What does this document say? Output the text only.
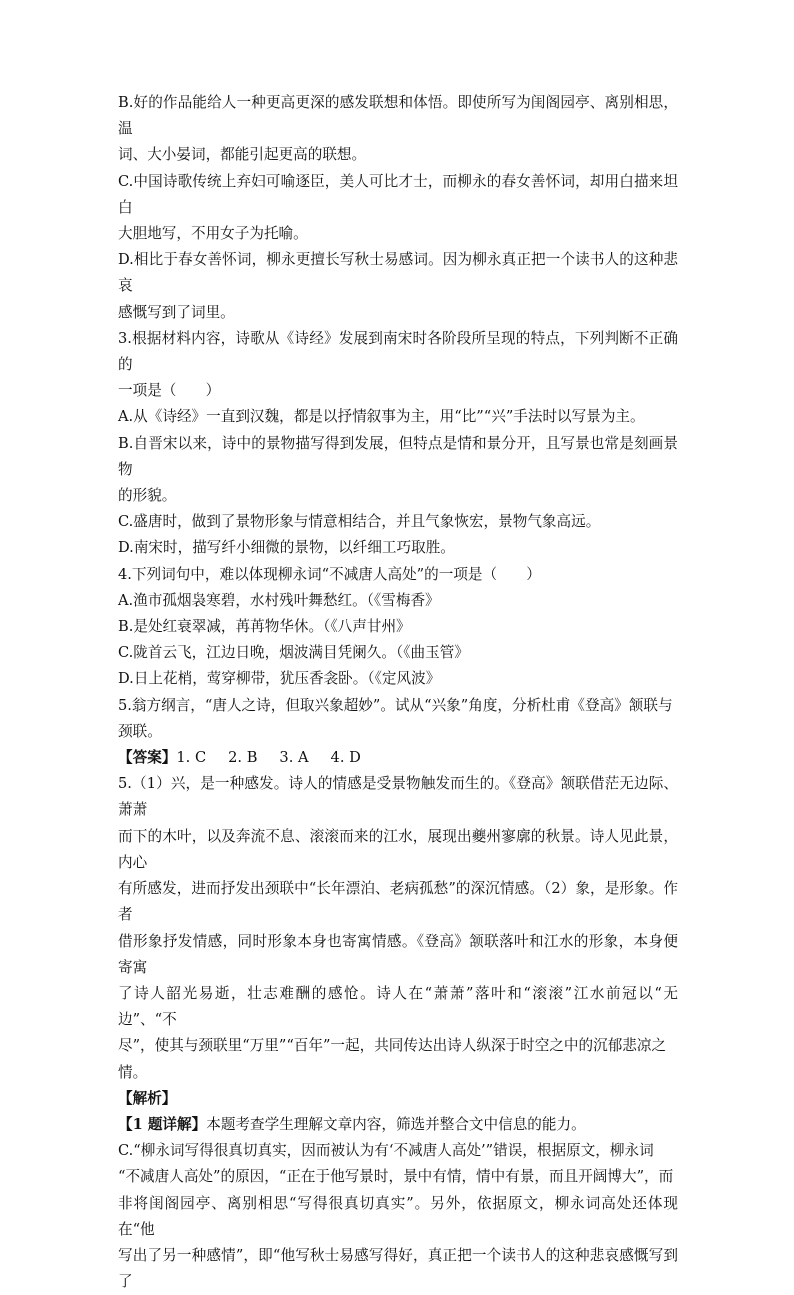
B.好的作品能给人一种更高更深的感发联想和体悟。即使所写为闺阁园亭、离别相思，温

词、大小晏词，都能引起更高的联想。

C.中国诗歌传统上弃妇可喻逐臣，美人可比才士，而柳永的春女善怀词，却用白描来坦白

大胆地写，不用女子为托喻。

D.相比于春女善怀词，柳永更擅长写秋士易感词。因为柳永真正把一个读书人的这种悲哀

感慨写到了词里。

3.根据材料内容，诗歌从《诗经》发展到南宋时各阶段所呈现的特点，下列判断不正确的

一项是（　　）

A.从《诗经》一直到汉魏，都是以抒情叙事为主，用“比”“兴”手法时以写景为主。

B.自晋宋以来，诗中的景物描写得到发展，但特点是情和景分开，且写景也常是刻画景物

的形貌。

C.盛唐时，做到了景物形象与情意相结合，并且气象恢宏，景物气象高远。

D.南宋时，描写纤小细微的景物，以纤细工巧取胜。

4.下列词句中，难以体现柳永词“不减唐人高处”的一项是（　　）

A.渔市孤烟袅寒碧，水村残叶舞愁红。（《雪梅香》

B.是处红衰翠减，苒苒物华休。（《八声甘州》

C.陇首云飞，江边日晚，烟波满目凭阑久。（《曲玉管》

D.日上花梢，莺穿柳带，犹压香衾卧。（《定风波》

5.翁方纲言，“唐人之诗，但取兴象超妙”。试从“兴象”角度，分析杜甫《登高》颔联与

颈联。

【答案】1. C 2. B 3. A 4. D

5.（1）兴，是一种感发。诗人的情感是受景物触发而生的。《登高》颔联借茫无边际、萧萧

而下的木叶，以及奔流不息、滚滚而来的江水，展现出夔州寥廓的秋景。诗人见此景，内心

有所感发，进而抒发出颈联中“长年漂泊、老病孤愁”的深沉情感。（2）象，是形象。作者

借形象抒发情感，同时形象本身也寄寓情感。《登高》颔联落叶和江水的形象，本身便寄寓

了诗人韶光易逝，壮志难酬的感怆。诗人在“萧萧”落叶和“滚滚”江水前冠以“无边”、“不

尽”，使其与颈联里“万里”“百年”一起，共同传达出诗人纵深于时空之中的沉郁悲凉之

情。

【解析】

【1 题详解】本题考查学生理解文章内容，筛选并整合文中信息的能力。

C.“柳永词写得很真切真实，因而被认为有‘不减唐人高处’”错误，根据原文，柳永词

“不减唐人高处”的原因，“正在于他写景时，景中有情，情中有景，而且开阔博大”，而

非将闺阁园亭、离别相思“写得很真切真实”。另外，依据原文，柳永词高处还体现在“他

写出了另一种感情”，即“他写秋士易感写得好，真正把一个读书人的这种悲哀感慨写到了
